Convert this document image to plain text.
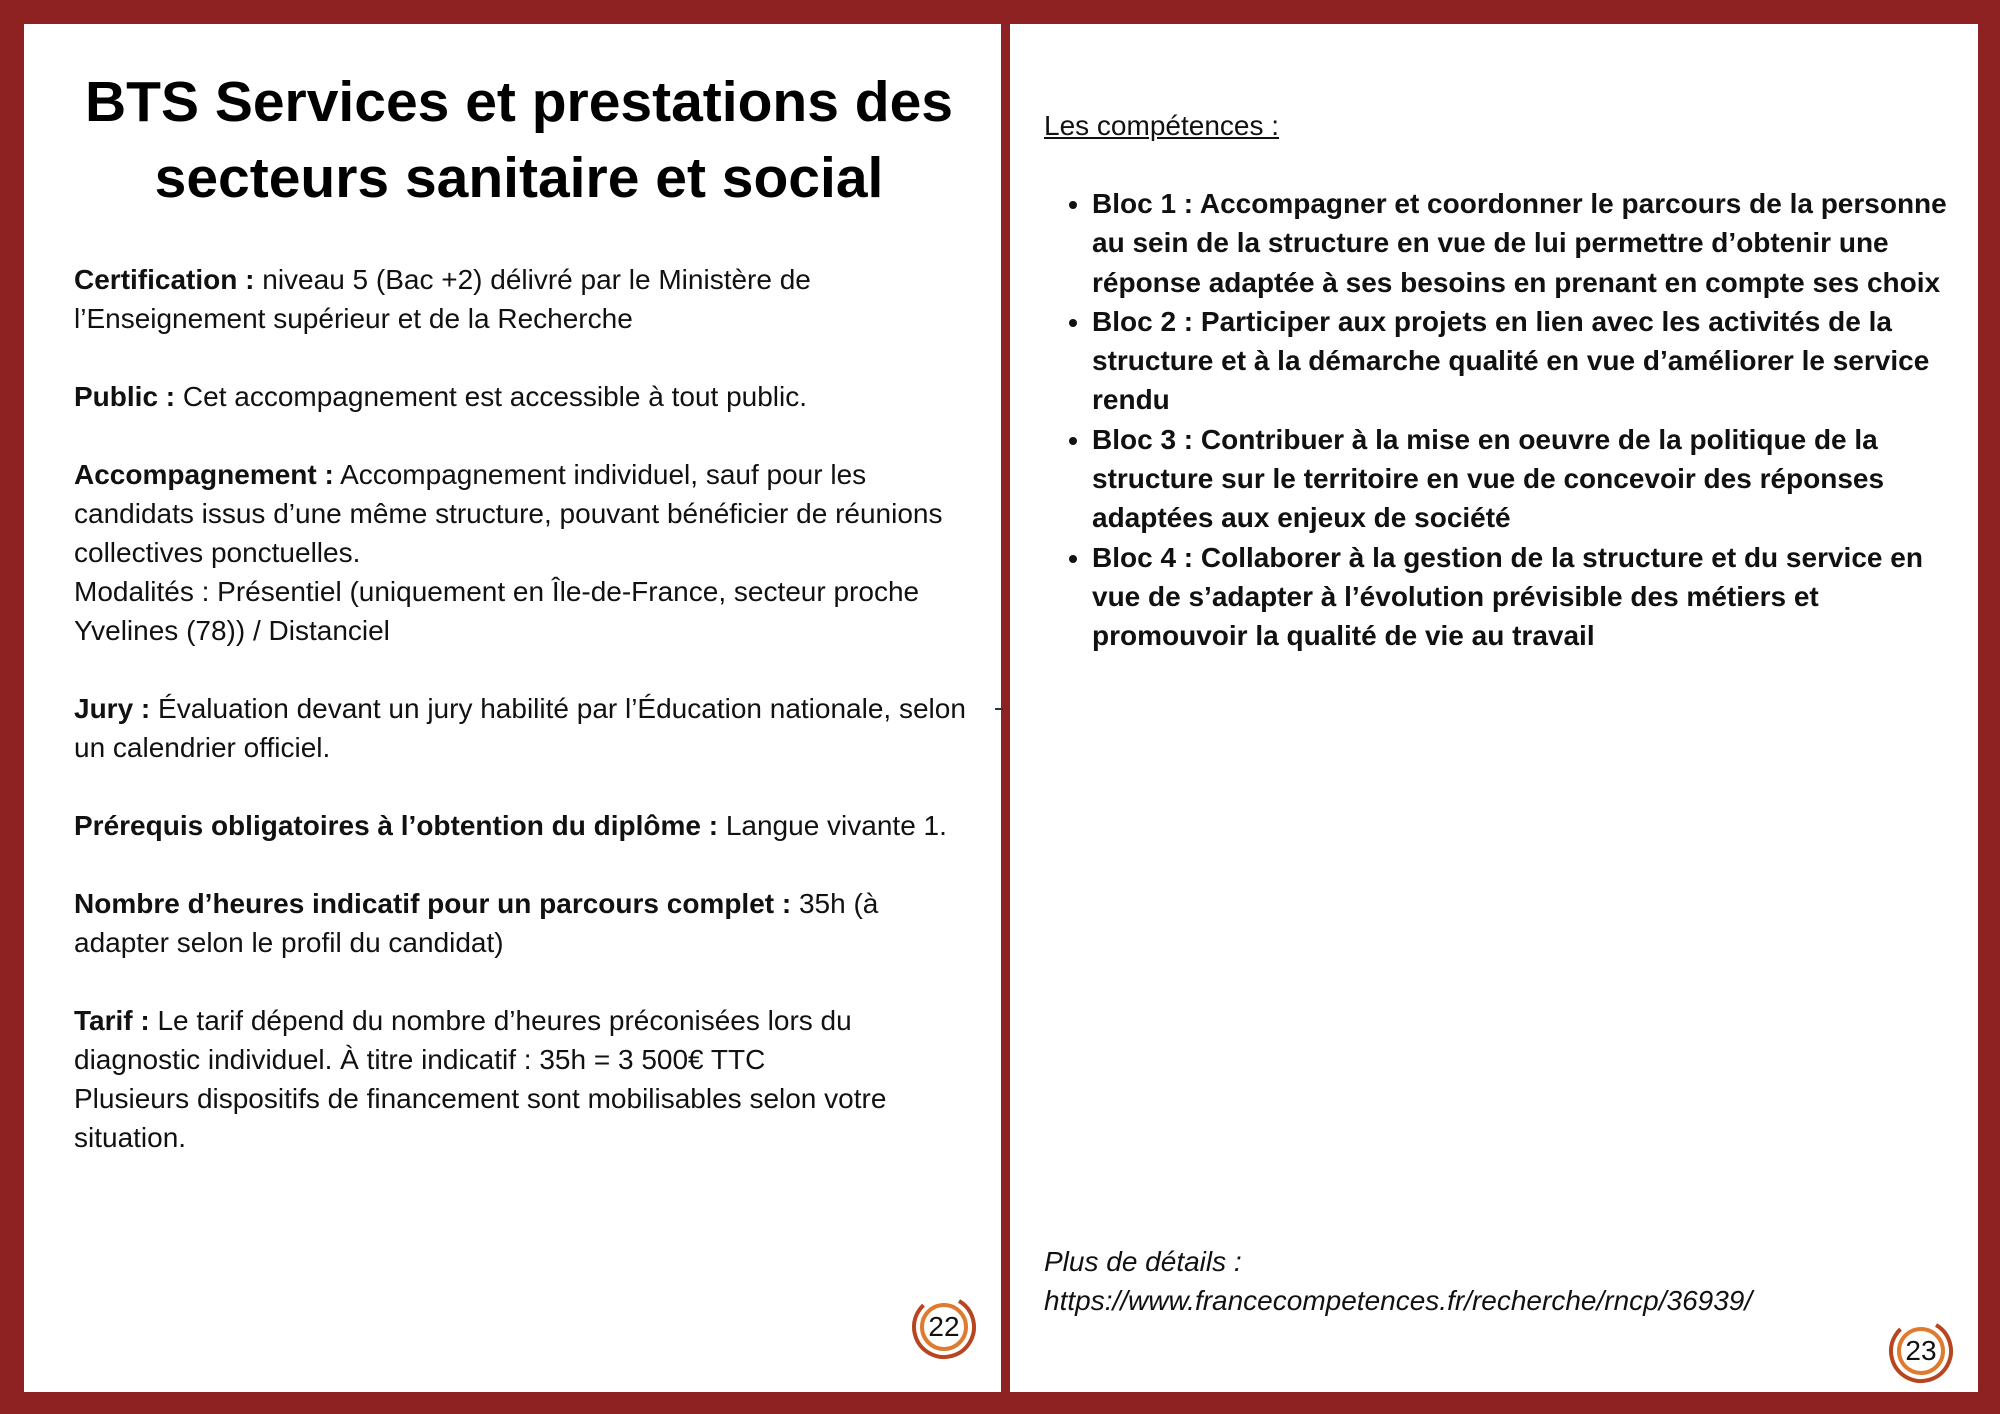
BTS Services et prestations des secteurs sanitaire et social

Certification : niveau 5 (Bac +2) délivré par le Ministère de l’Enseignement supérieur et de la Recherche

Public : Cet accompagnement est accessible à tout public.

Accompagnement : Accompagnement individuel, sauf pour les candidats issus d’une même structure, pouvant bénéficier de réunions collectives ponctuelles.
Modalités : Présentiel (uniquement en Île-de-France, secteur proche Yvelines (78)) / Distanciel

Jury : Évaluation devant un jury habilité par l’Éducation nationale, selon un calendrier officiel.

Prérequis obligatoires à l’obtention du diplôme : Langue vivante 1.

Nombre d’heures indicatif pour un parcours complet : 35h (à adapter selon le profil du candidat)

Tarif : Le tarif dépend du nombre d’heures préconisées lors du diagnostic individuel. À titre indicatif : 35h = 3 500€ TTC
Plusieurs dispositifs de financement sont mobilisables selon votre situation.

22
Les compétences :
• Bloc 1 : Accompagner et coordonner le parcours de la personne au sein de la structure en vue de lui permettre d’obtenir une réponse adaptée à ses besoins en prenant en compte ses choix
• Bloc 2 : Participer aux projets en lien avec les activités de la structure et à la démarche qualité en vue d’améliorer le service rendu
• Bloc 3 : Contribuer à la mise en oeuvre de la politique de la structure sur le territoire en vue de concevoir des réponses adaptées aux enjeux de société
• Bloc 4 : Collaborer à la gestion de la structure et du service en vue de s’adapter à l’évolution prévisible des métiers et promouvoir la qualité de vie au travail
Plus de détails :
https://www.francecompetences.fr/recherche/rncp/36939/
23
